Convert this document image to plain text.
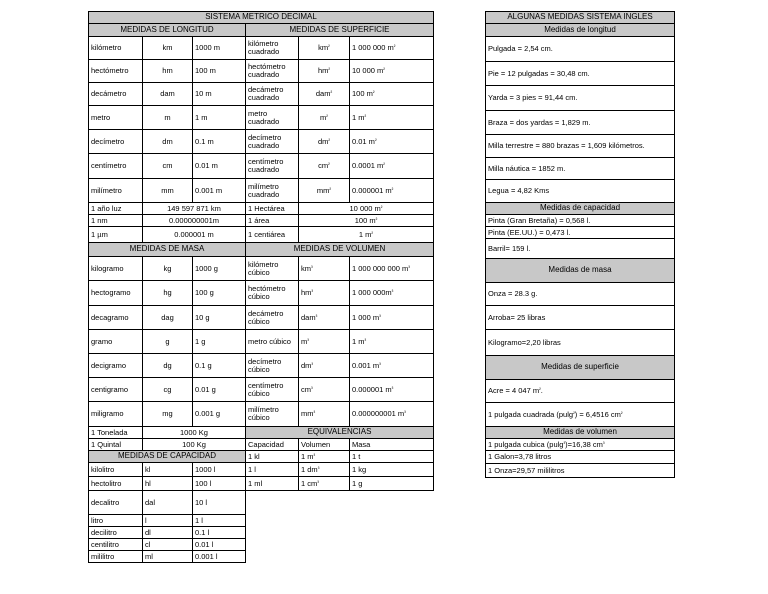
SISTEMA METRICO DECIMAL
MEDIDAS DE LONGITUD	MEDIDAS DE SUPERFICIE
kilómetro	km	1000 m	kilómetro cuadrado	km ²	1 000 000 m ²
hectómetro	hm	100 m	hectómetro cuadrado	hm ²	10 000 m ²
decámetro	dam	10 m	decámetro cuadrado	dam ²	100 m ²
metro	m	1 m	metro cuadrado	m ²	1 m ²
decímetro	dm	0.1 m	decímetro cuadrado	dm ²	0.01 m ²
centímetro	cm	0.01 m	centímetro cuadrado	cm ²	0.0001 m ²
milímetro	mm	0.001 m	milímetro cuadrado	mm ²	0.000001 m ²
1 año luz	149 597 871 km	1 Hectárea	10 000 m ²
1 nm	0.000000001m	1 área	100 m ²
1 µm	0.000001 m	1 centiárea	1 m ²
MEDIDAS DE MASA	MEDIDAS DE VOLUMEN
kilogramo	kg	1000 g	kilómetro cúbico	km ³	1 000 000 000 m ³
hectogramo	hg	100 g	hectómetro cúbico	hm ³	1 000 000m ³
decagramo	dag	10 g	decámetro cúbico	dam ³	1 000 m ³
gramo	g	1 g	metro cúbico	m ³	1 m ³
decigramo	dg	0.1 g	decímetro cúbico	dm ³	0.001 m ³
centigramo	cg	0.01 g	centímetro cúbico	cm ³	0.000001 m ³
miligramo	mg	0.001 g	milímetro cúbico	mm ³	0.000000001 m ³
1 Tonelada	1000 Kg
1 Quintal	100 Kg
MEDIDAS DE CAPACIDAD
EQUIVALENCIAS
Capacidad	Volumen	Masa
1 kl	1 m ³	1 t
1 l	1 dm ³	1 kg
1 ml	1 cm ³	1 g
kilolitro	kl	1000 l
hectolitro	hl	100 l
decalitro	dal	10 l
litro	l	1 l
decilitro	dl	0.1 l
centilitro	cl	0.01 l
mililitro	ml	0.001 l
ALGUNAS MEDIDAS SISTEMA INGLES
Medidas de longitud
Pulgada = 2,54 cm.
Pie = 12 pulgadas = 30,48 cm.
Yarda = 3 pies = 91,44 cm.
Braza = dos yardas = 1,829 m.
Milla terrestre = 880 brazas = 1,609 kilómetros.
Milla náutica = 1852 m.
Legua = 4,82 Kms
Medidas de capacidad
Pinta (Gran Bretaña) = 0,568 l.
Pinta (EE.UU.) = 0,473 l.
Barril= 159 l.
Medidas de masa
Onza = 28.3 g.
Arroba= 25 libras
Kilogramo=2,20 libras
Medidas de superficie
Acre = 4 047 m ² .
1 pulgada cuadrada (pulg ² ) = 6,4516 cm ²
Medidas de volumen
1 pulgada cubica (pulg ³ )=16,38 cm ³
1 Galon=3,78 litros
1 Onza=29,57 mililitros
